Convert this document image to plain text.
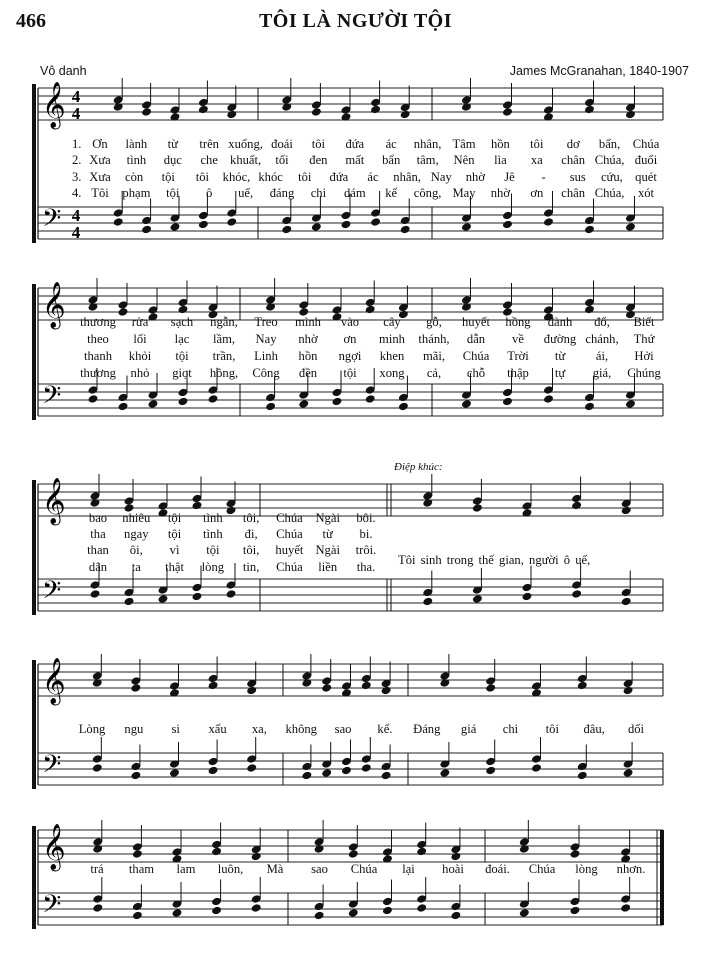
466	TÔI LÀ NGƯỜI TỘI
Vô danh	James McGranahan, 1840-1907
𝄞
𝄢
4
4
4
4
𝄞
𝄢
𝄞
𝄢
𝄞
𝄢
𝄞
𝄢
1. Ơn lành từ trên xuống, đoái tôi đứa ác nhân, Tâm hồn tôi dơ bẩn, Chúa
2. Xưa tình dục che khuất, tối đen mất bẩn tâm, Nên lìa xa chân Chúa, đuổi
3. Xưa còn tội tôi khóc, khóc tôi đứa ác nhân, Nay nhờ Jê - sus cứu, quét
4. Tôi phạm tội ô uế, đáng chi dám kể công, May nhờ ơn chân Chúa, xót
thương rửa sạch ngẫn, Treo mình vào cây gỗ, huyết hồng đành đổ, Biết
theo lối lạc lầm, Nay nhờ ơn minh thánh, dẫn về đường chánh, Thứ
thanh khỏi tội trần, Linh hồn ngợi khen mãi, Chúa Trời từ ái, Hởi
thương nhỏ giọt hồng, Công đền tội xong cả, chỗ thập tự giá, Chúng
bao nhiêu tội tình tôi, Chúa Ngài bôi.
tha ngay tội tình đi, Chúa từ bi.
than ôi, vì tội tôi, huyết Ngài trôi.
dân ta thật lòng tin, Chúa liền tha.
Lòng ngu si xấu xa, không sao kể. Đáng giá chi tôi đâu, dối
trá tham lam luôn, Mà sao Chúa lại hoài đoái. Chúa lòng nhơn.
Điệp khúc:
Tôi sinh trong thế gian, người ô uế,
